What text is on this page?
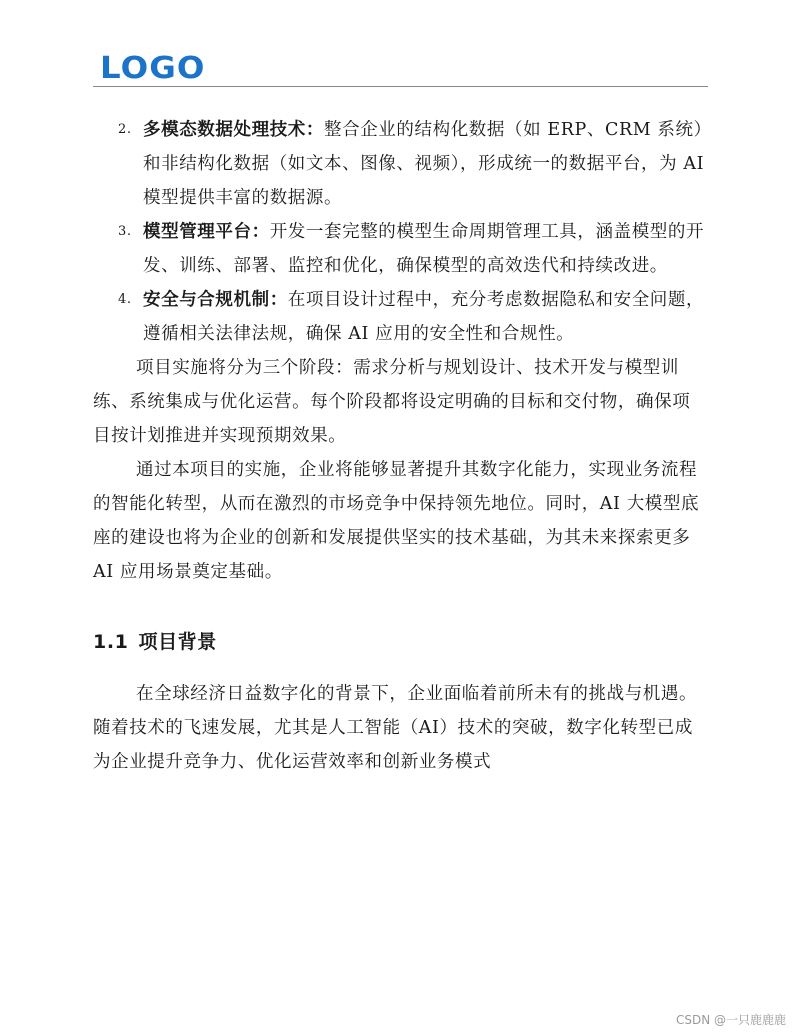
LOGO
2. 多模态数据处理技术：整合企业的结构化数据（如 ERP、CRM 系统）和非结构化数据（如文本、图像、视频），形成统一的数据平台，为 AI 模型提供丰富的数据源。
3. 模型管理平台：开发一套完整的模型生命周期管理工具，涵盖模型的开发、训练、部署、监控和优化，确保模型的高效迭代和持续改进。
4. 安全与合规机制：在项目设计过程中，充分考虑数据隐私和安全问题，遵循相关法律法规，确保 AI 应用的安全性和合规性。

项目实施将分为三个阶段：需求分析与规划设计、技术开发与模型训练、系统集成与优化运营。每个阶段都将设定明确的目标和交付物，确保项目按计划推进并实现预期效果。

通过本项目的实施，企业将能够显著提升其数字化能力，实现业务流程的智能化转型，从而在激烈的市场竞争中保持领先地位。同时，AI 大模型底座的建设也将为企业的创新和发展提供坚实的技术基础，为其未来探索更多 AI 应用场景奠定基础。

1.1 项目背景

在全球经济日益数字化的背景下，企业面临着前所未有的挑战与机遇。随着技术的飞速发展，尤其是人工智能（AI）技术的突破，数字化转型已成为企业提升竞争力、优化运营效率和创新业务模式

CSDN @一只鹿鹿鹿
